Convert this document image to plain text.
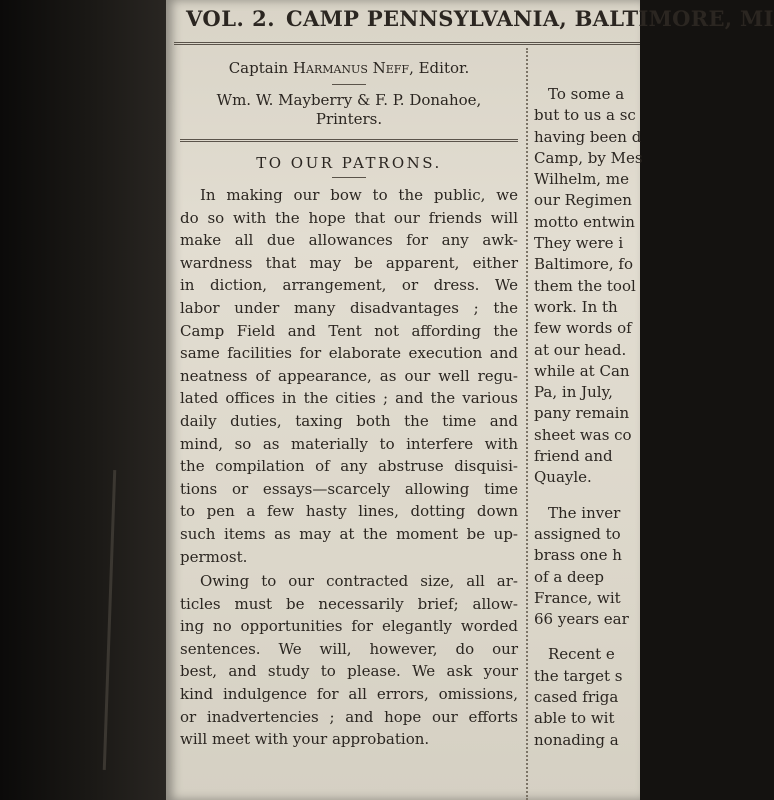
VOL. 2. CAMP PENNSYLVANIA, BALTIMORE, MI
Captain Harmanus Neff, Editor.
Wm. W. Mayberry & F. P. Donahoe,
Printers.
TO OUR PATRONS.

In making our bow to the public, we
do so with the hope that our friends will
make all due allowances for any awk-
wardness that may be apparent, either
in diction, arrangement, or dress. We
labor under many disadvantages ; the
Camp Field and Tent not affording the
same facilities for elaborate execution and
neatness of appearance, as our well regu-
lated offices in the cities ; and the various
daily duties, taxing both the time and
mind, so as materially to interfere with
the compilation of any abstruse disquisi-
tions or essays—scarcely allowing time
to pen a few hasty lines, dotting down
such items as may at the moment be up-
permost.

Owing to our contracted size, all ar-
ticles must be necessarily brief; allow-
ing no opportunities for elegantly worded
sentences. We will, however, do our
best, and study to please. We ask your
kind indulgence for all errors, omissions,
or inadvertencies ; and hope our efforts
will meet with your approbation.

To some a
but to us a sc
having been d
Camp, by Mes
Wilhelm, me
our Regimen
motto entwin
They were i
Baltimore, fo
them the tool
work. In th
few words of
at our head.
while at Can
Pa, in July,
pany remain
sheet was co
friend and
Quayle.
The inver
assigned to
brass one h
of a deep
France, wit
66 years ear
Recent e
the target s
cased friga
able to wit
nonading a
